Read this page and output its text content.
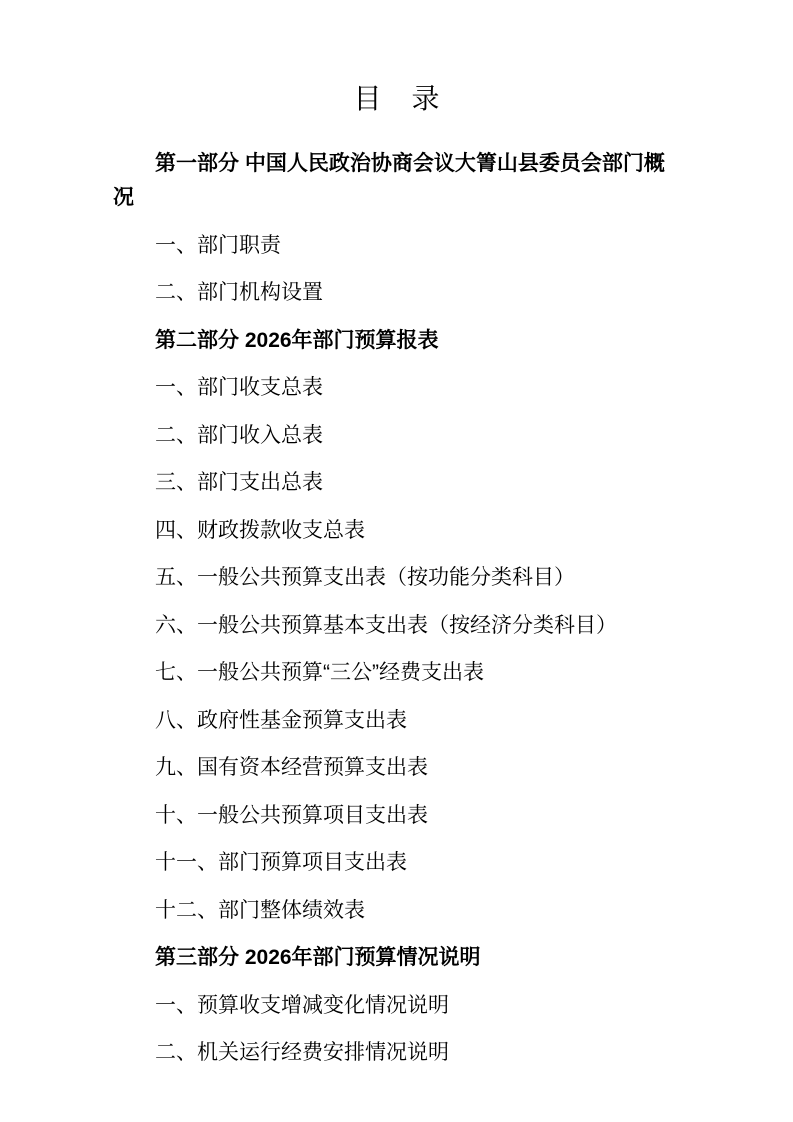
目　录

第一部分 中国人民政治协商会议大箐山县委员会部门概况

一、部门职责

二、部门机构设置

第二部分 2026年部门预算报表

一、部门收支总表

二、部门收入总表

三、部门支出总表

四、财政拨款收支总表

五、一般公共预算支出表（按功能分类科目）

六、一般公共预算基本支出表（按经济分类科目）

七、一般公共预算“三公”经费支出表

八、政府性基金预算支出表

九、国有资本经营预算支出表

十、一般公共预算项目支出表

十一、部门预算项目支出表

十二、部门整体绩效表

第三部分 2026年部门预算情况说明

一、预算收支增减变化情况说明

二、机关运行经费安排情况说明
